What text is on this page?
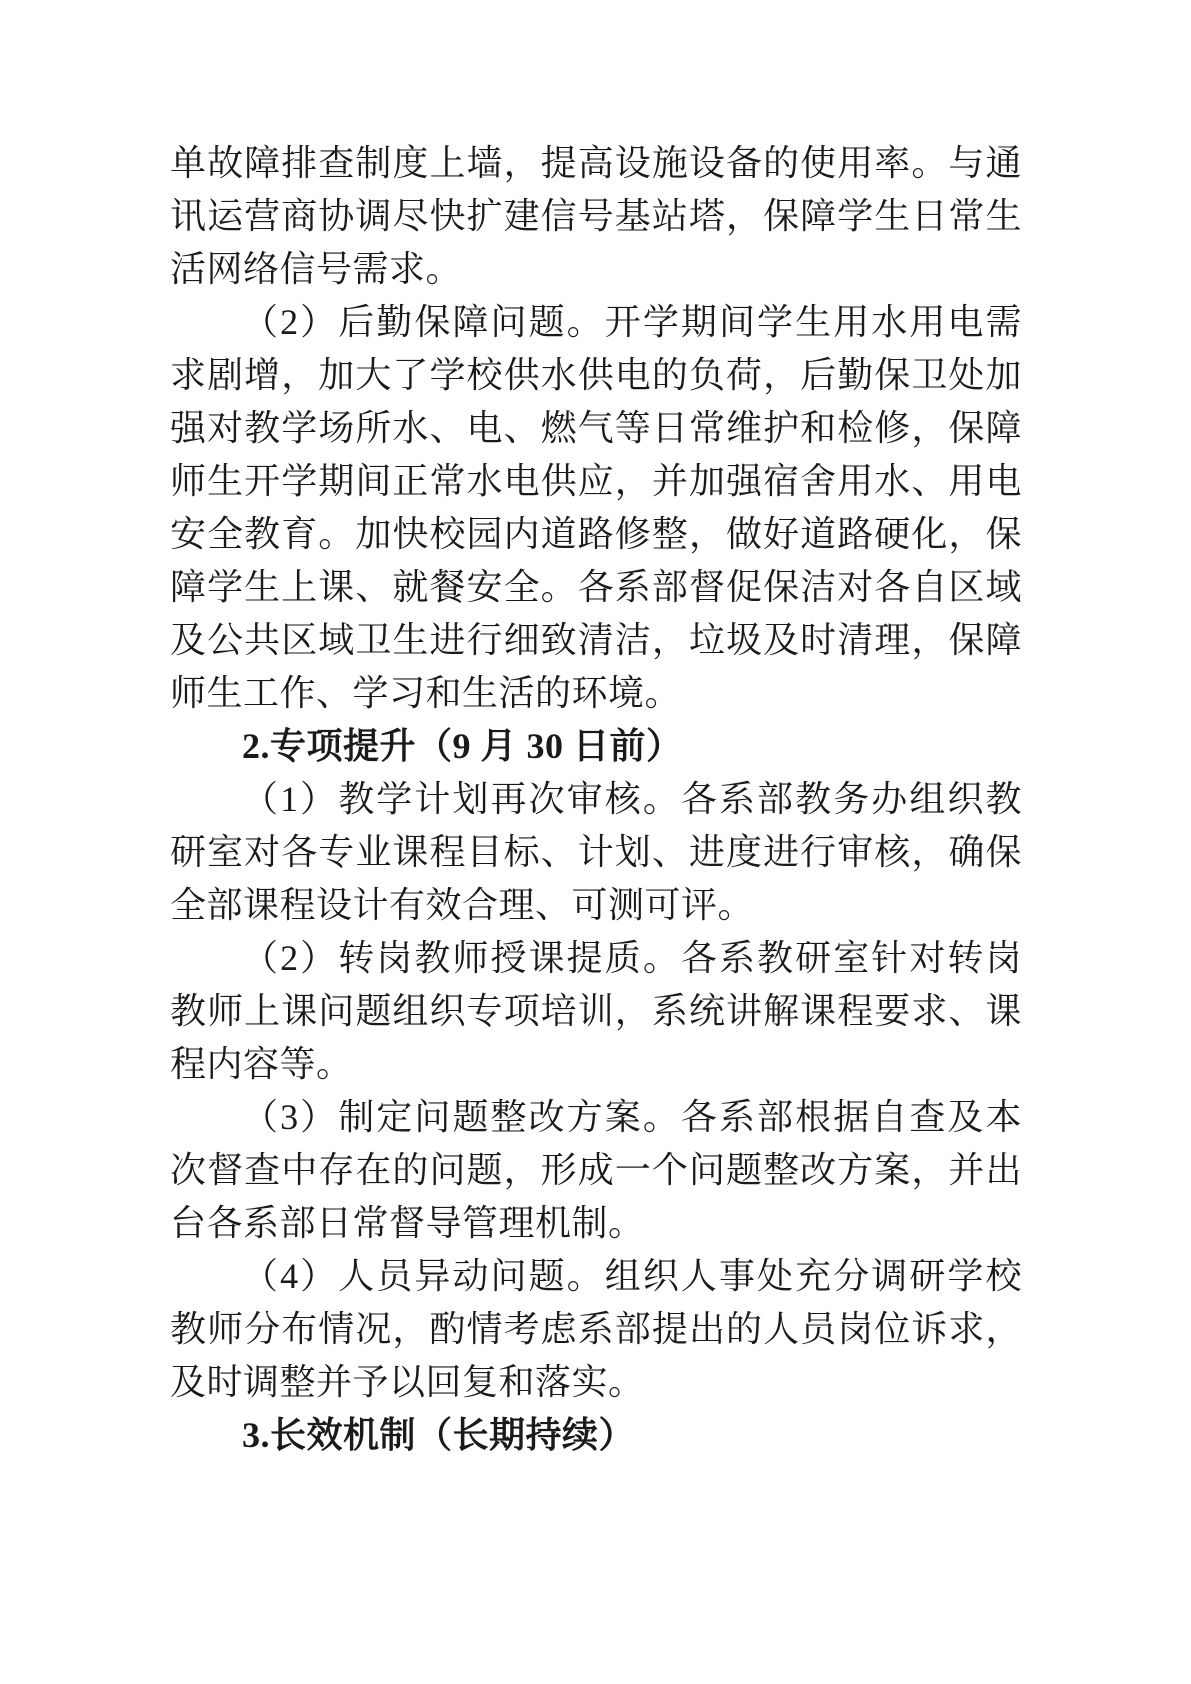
单故障排查制度上墙，提高设施设备的使用率。与通讯运营商协调尽快扩建信号基站塔，保障学生日常生活网络信号需求。

（2）后勤保障问题。开学期间学生用水用电需求剧增，加大了学校供水供电的负荷，后勤保卫处加强对教学场所水、电、燃气等日常维护和检修，保障师生开学期间正常水电供应，并加强宿舍用水、用电安全教育。加快校园内道路修整，做好道路硬化，保障学生上课、就餐安全。各系部督促保洁对各自区域及公共区域卫生进行细致清洁，垃圾及时清理，保障师生工作、学习和生活的环境。

2.专项提升（9 月 30 日前）

（1）教学计划再次审核。各系部教务办组织教研室对各专业课程目标、计划、进度进行审核，确保全部课程设计有效合理、可测可评。

（2）转岗教师授课提质。各系教研室针对转岗教师上课问题组织专项培训，系统讲解课程要求、课程内容等。

（3）制定问题整改方案。各系部根据自查及本次督查中存在的问题，形成一个问题整改方案，并出台各系部日常督导管理机制。

（4）人员异动问题。组织人事处充分调研学校教师分布情况，酌情考虑系部提出的人员岗位诉求，及时调整并予以回复和落实。

3.长效机制（长期持续）
